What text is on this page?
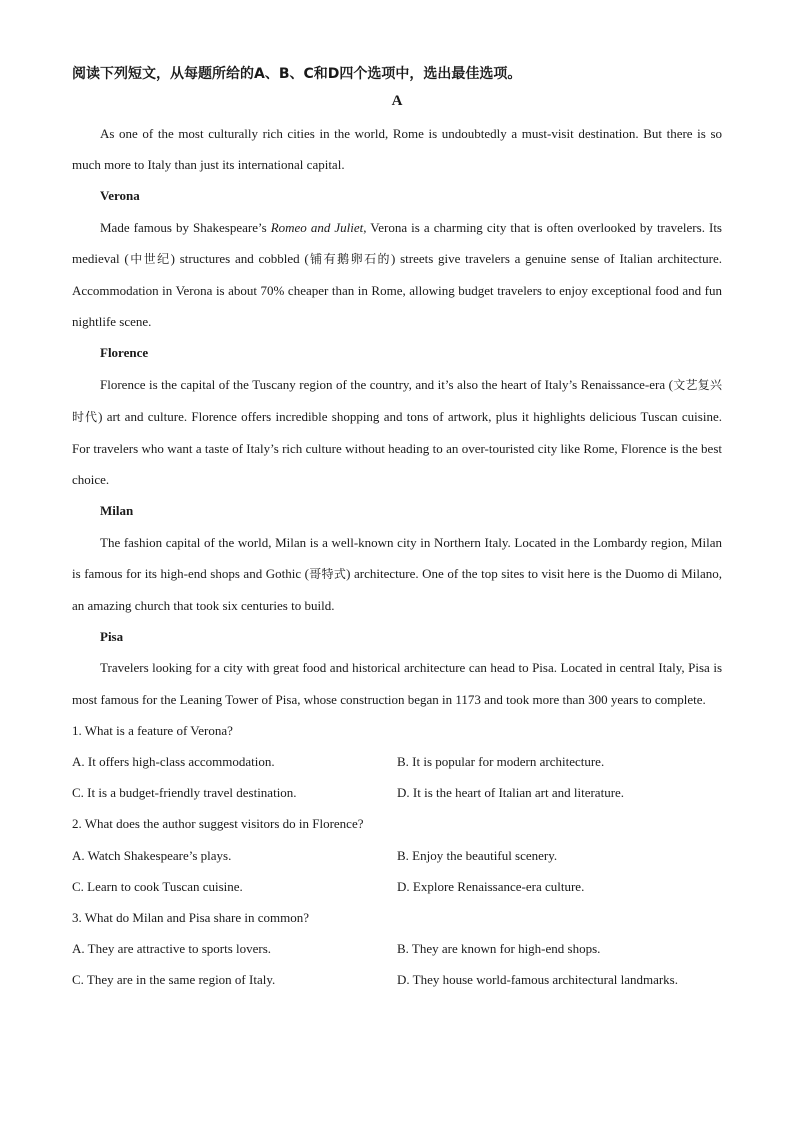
阅读下列短文，从每题所给的A、B、C和D四个选项中，选出最佳选项。

A

As one of the most culturally rich cities in the world, Rome is undoubtedly a must-visit destination. But there is so much more to Italy than just its international capital.

Verona

Made famous by Shakespeare’s Romeo and Juliet, Verona is a charming city that is often overlooked by travelers. Its medieval (中世纪) structures and cobbled (铺有鹅卵石的) streets give travelers a genuine sense of Italian architecture. Accommodation in Verona is about 70% cheaper than in Rome, allowing budget travelers to enjoy exceptional food and fun nightlife scene.

Florence

Florence is the capital of the Tuscany region of the country, and it’s also the heart of Italy’s Renaissance-era (文艺复兴时代) art and culture. Florence offers incredible shopping and tons of artwork, plus it highlights delicious Tuscan cuisine. For travelers who want a taste of Italy’s rich culture without heading to an over-touristed city like Rome, Florence is the best choice.

Milan

The fashion capital of the world, Milan is a well-known city in Northern Italy. Located in the Lombardy region, Milan is famous for its high-end shops and Gothic (哥特式) architecture. One of the top sites to visit here is the Duomo di Milano, an amazing church that took six centuries to build.

Pisa

Travelers looking for a city with great food and historical architecture can head to Pisa. Located in central Italy, Pisa is most famous for the Leaning Tower of Pisa, whose construction began in 1173 and took more than 300 years to complete.

1. What is a feature of Verona?

A. It offers high-class accommodation.	B. It is popular for modern architecture.
C. It is a budget-friendly travel destination.	D. It is the heart of Italian art and literature.

2. What does the author suggest visitors do in Florence?

A. Watch Shakespeare’s plays.	B. Enjoy the beautiful scenery.
C. Learn to cook Tuscan cuisine.	D. Explore Renaissance-era culture.

3. What do Milan and Pisa share in common?

A. They are attractive to sports lovers.	B. They are known for high-end shops.
C. They are in the same region of Italy.	D. They house world-famous architectural landmarks.
